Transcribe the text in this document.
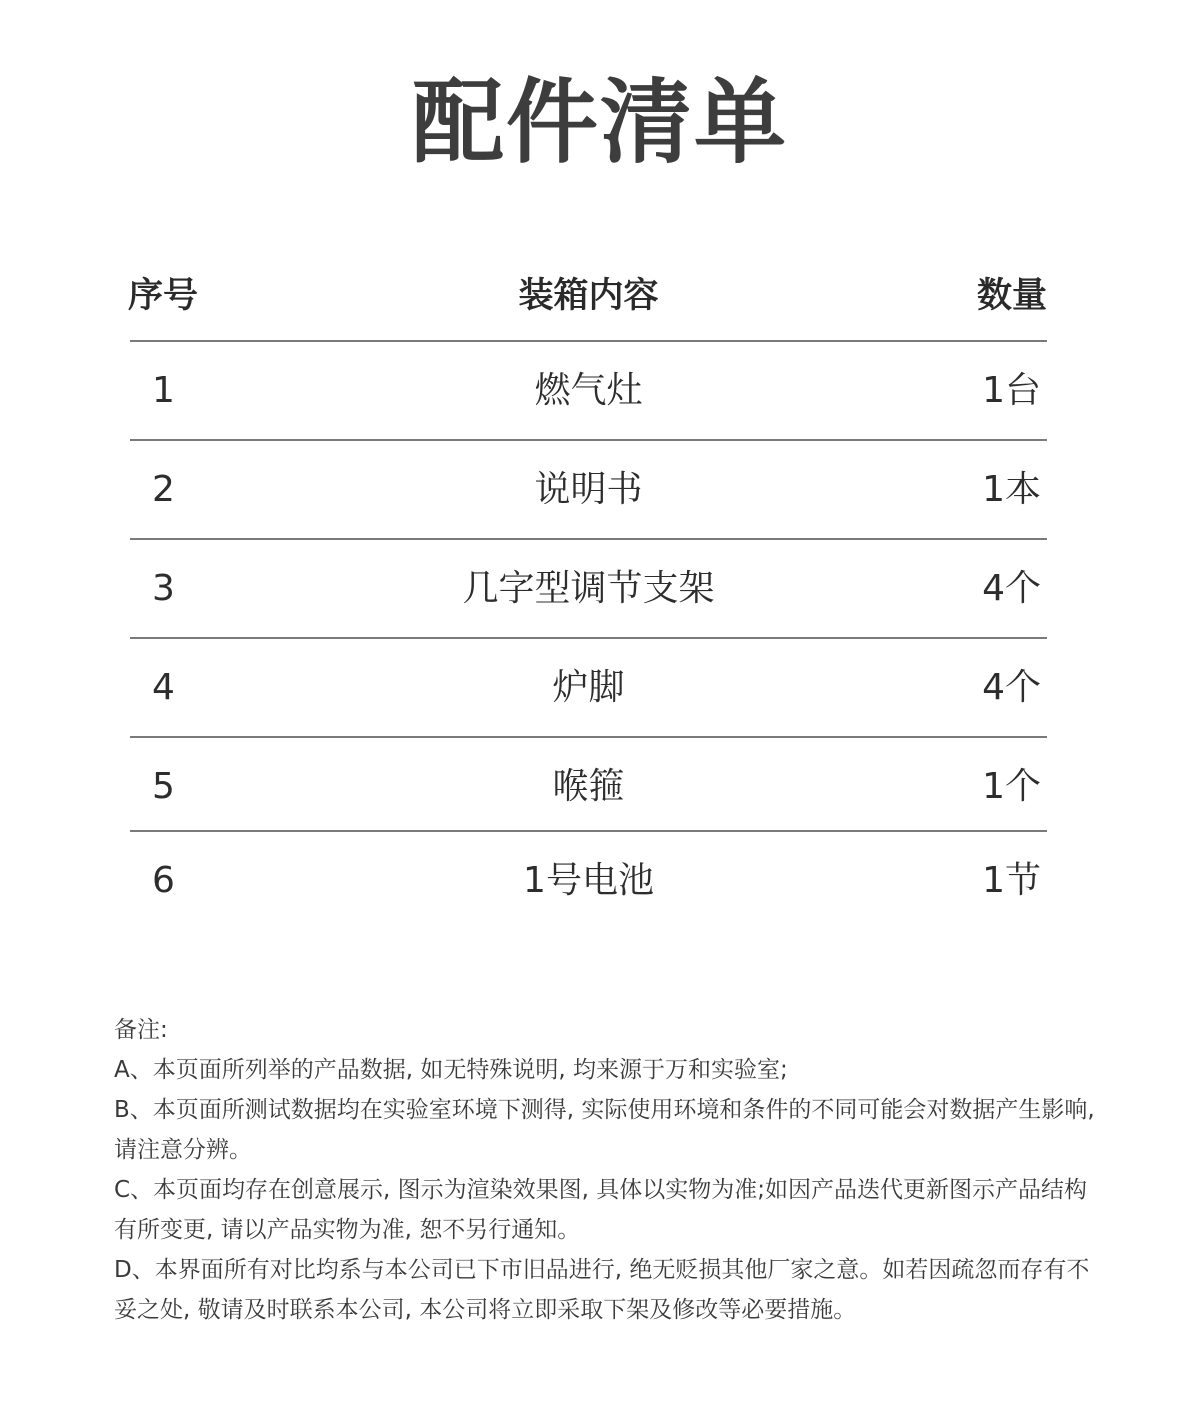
配件清单
序号	装箱内容	数量
1	燃气灶	1台
2	说明书	1本
3	几字型调节支架	4个
4	炉脚	4个
5	喉箍	1个
6	1号电池	1节

备注:

A、本页面所列举的产品数据, 如无特殊说明, 均来源于万和实验室;

B、本页面所测试数据均在实验室环境下测得, 实际使用环境和条件的不同可能会对数据产生影响, 请注意分辨。

C、本页面均存在创意展示, 图示为渲染效果图, 具体以实物为准;如因产品迭代更新图示产品结构有所变更, 请以产品实物为准, 恕不另行通知。

D、本界面所有对比均系与本公司已下市旧品进行, 绝无贬损其他厂家之意。如若因疏忽而存有不妥之处, 敬请及时联系本公司, 本公司将立即采取下架及修改等必要措施。
